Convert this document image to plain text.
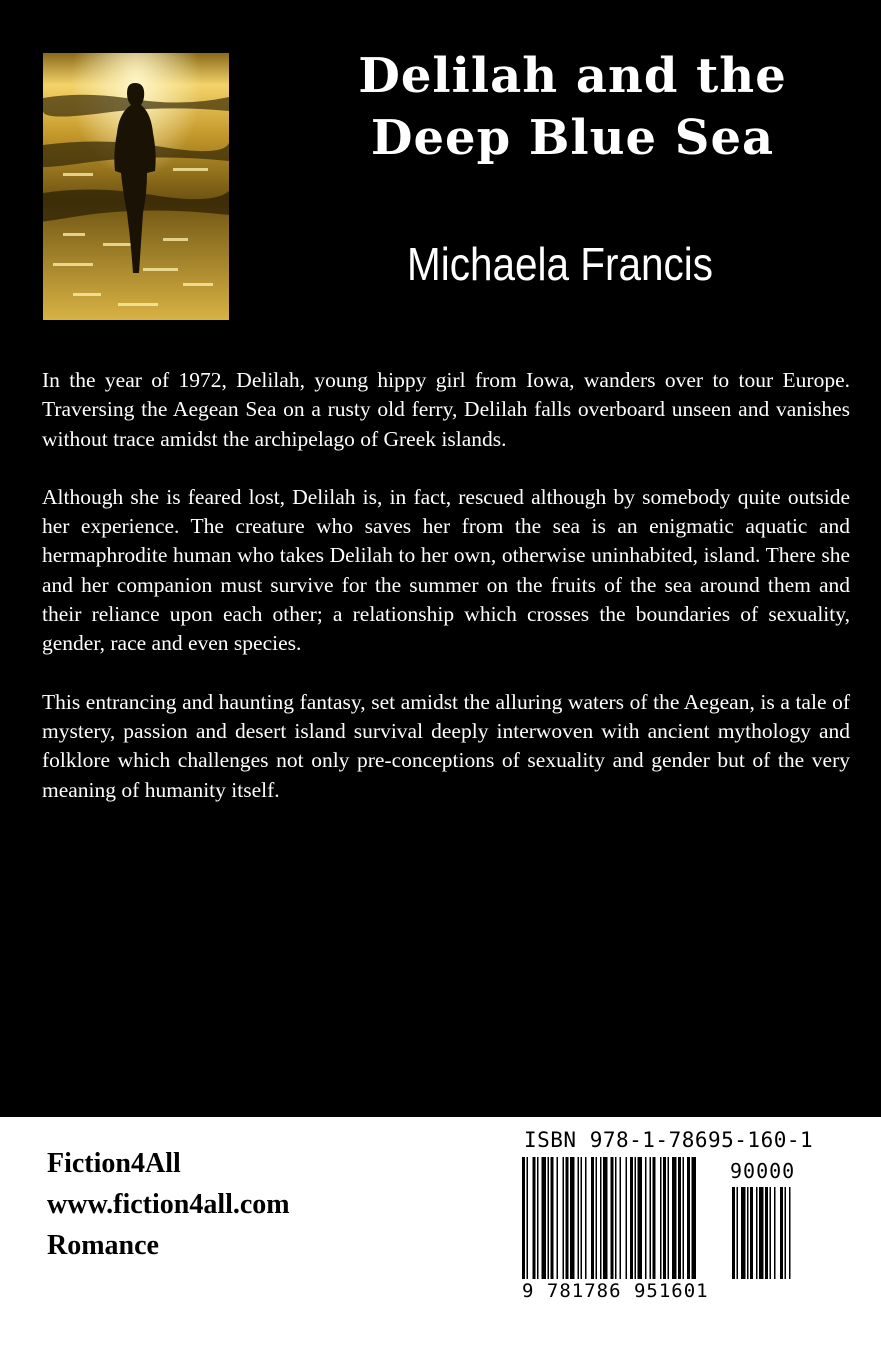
Delilah and the
Deep Blue Sea
Michaela Francis

In the year of 1972, Delilah, young hippy girl from Iowa, wanders over to tour Europe. Traversing the Aegean Sea on a rusty old ferry, Delilah falls overboard unseen and vanishes without trace amidst the archipelago of Greek islands.

Although she is feared lost, Delilah is, in fact, rescued although by somebody quite outside her experience. The creature who saves her from the sea is an enigmatic aquatic and hermaphrodite human who takes Delilah to her own, otherwise uninhabited, island. There she and her companion must survive for the summer on the fruits of the sea around them and their reliance upon each other; a relationship which crosses the boundaries of sexuality, gender, race and even species.

This entrancing and haunting fantasy, set amidst the alluring waters of the Aegean, is a tale of mystery, passion and desert island survival deeply interwoven with ancient mythology and folklore which challenges not only pre-conceptions of sexuality and gender but of the very meaning of humanity itself.

Fiction4All
www.fiction4all.com
Romance
ISBN 978-1-78695-160-1
90000
9 781786 951601
